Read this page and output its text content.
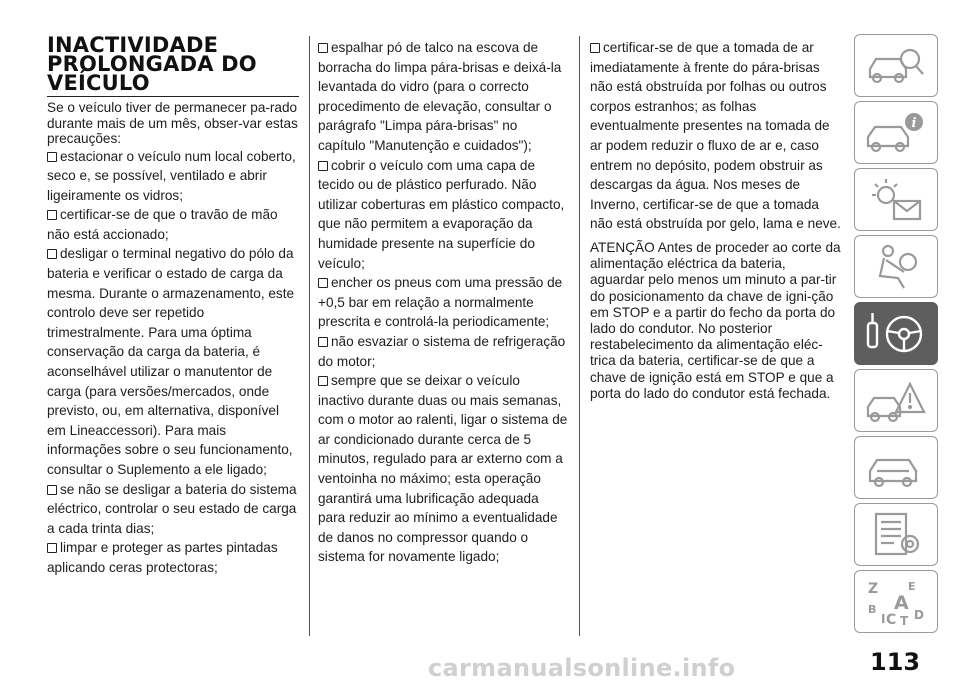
INACTIVIDADE
PROLONGADA DO
VEÍCULO

Se o veículo tiver de permanecer pa-rado durante mais de um mês, obser-var estas precauções:

estacionar o veículo num local coberto, seco e, se possível, ventilado e abrir ligeiramente os vidros;
certificar-se de que o travão de mão não está accionado;
desligar o terminal negativo do pólo da bateria e verificar o estado de carga da mesma. Durante o armazenamento, este controlo deve ser repetido trimestralmente. Para uma óptima conservação da carga da bateria, é aconselhável utilizar o manutentor de carga (para versões/mercados, onde previsto, ou, em alternativa, disponível em Lineaccessori). Para mais informações sobre o seu funcionamento, consultar o Suplemento a ele ligado;
se não se desligar a bateria do sistema eléctrico, controlar o seu estado de carga a cada trinta dias;
limpar e proteger as partes pintadas aplicando ceras protectoras;
espalhar pó de talco na escova de borracha do limpa pára-brisas e deixá-la levantada do vidro (para o correcto procedimento de elevação, consultar o parágrafo "Limpa pára-brisas" no capítulo "Manutenção e cuidados");
cobrir o veículo com uma capa de tecido ou de plástico perfurado. Não utilizar coberturas em plástico compacto, que não permitem a evaporação da humidade presente na superfície do veículo;
encher os pneus com uma pressão de +0,5 bar em relação a normalmente prescrita e controlá-la periodicamente;
não esvaziar o sistema de refrigeração do motor;
sempre que se deixar o veículo inactivo durante duas ou mais semanas, com o motor ao ralenti, ligar o sistema de ar condicionado durante cerca de 5 minutos, regulado para ar externo com a ventoinha no máximo; esta operação garantirá uma lubrificação adequada para reduzir ao mínimo a eventualidade de danos no compressor quando o sistema for novamente ligado;
certificar-se de que a tomada de ar imediatamente à frente do pára-brisas não está obstruída por folhas ou outros corpos estranhos; as folhas eventualmente presentes na tomada de ar podem reduzir o fluxo de ar e, caso entrem no depósito, podem obstruir as descargas da água. Nos meses de Inverno, certificar-se de que a tomada não está obstruída por gelo, lama e neve.

ATENÇÃO Antes de proceder ao corte da alimentação eléctrica da bateria, aguardar pelo menos um minuto a par-tir do posicionamento da chave de igni-ção em STOP e a partir do fecho da porta do lado do condutor. No posterior restabelecimento da alimentação eléc-trica da bateria, certificar-se de que a chave de ignição está em STOP e que a porta do lado do condutor está fechada.

i
Z	E
B A
I C T D
carmanualsonline.info	113
